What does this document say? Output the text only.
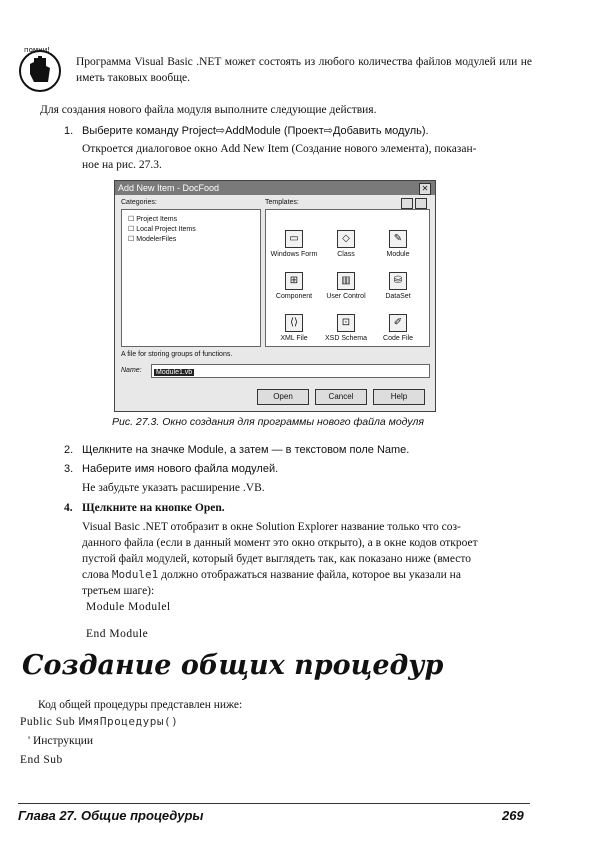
помни!
Программа Visual Basic .NET может состоять из любого количества файлов модулей или не иметь таковых вообще.
Для создания нового файла модуля выполните следующие действия.
1. Выберите команду Project⇨AddModule (Проект⇨Добавить модуль).
Откроется диалоговое окно Add New Item (Создание нового элемента), показан-
ное на рис. 27.3.
Add New Item - DocFood	✕
Categories:	Templates:
☐ Project Items
☐ Local Project Items
☐ ModelerFiles	▭
Windows Form
◇
Class
✎
Module
⊞
Component
▥
User Control
⛁
DataSet
⟨⟩
XML File
⊡
XSD Schema
✐
Code File
A file for storing groups of functions.
Name:	Module1.vb
Open	Cancel	Help
Рис. 27.3. Окно создания для программы нового файла модуля
2. Щелкните на значке Module, а затем — в текстовом поле Name.
3. Наберите имя нового файла модулей.
Не забудьте указать расширение .VB.
4. Щелкните на кнопке Open.
Visual Basic .NET отобразит в окне Solution Explorer название только что соз-
данного файла (если в данный момент это окно открыто), а в окне кодов откроет
пустой файл модулей, который будет выглядеть так, как показано ниже (вместо
слова Module1 должно отображаться название файла, которое вы указали на
третьем шаге):
Module Modulel
End Module
Создание общих процедур
Код общей процедуры представлен ниже:
Public Sub ИмяПроцедуры()
' Инструкции
End Sub
Глава 27. Общие процедуры	269
